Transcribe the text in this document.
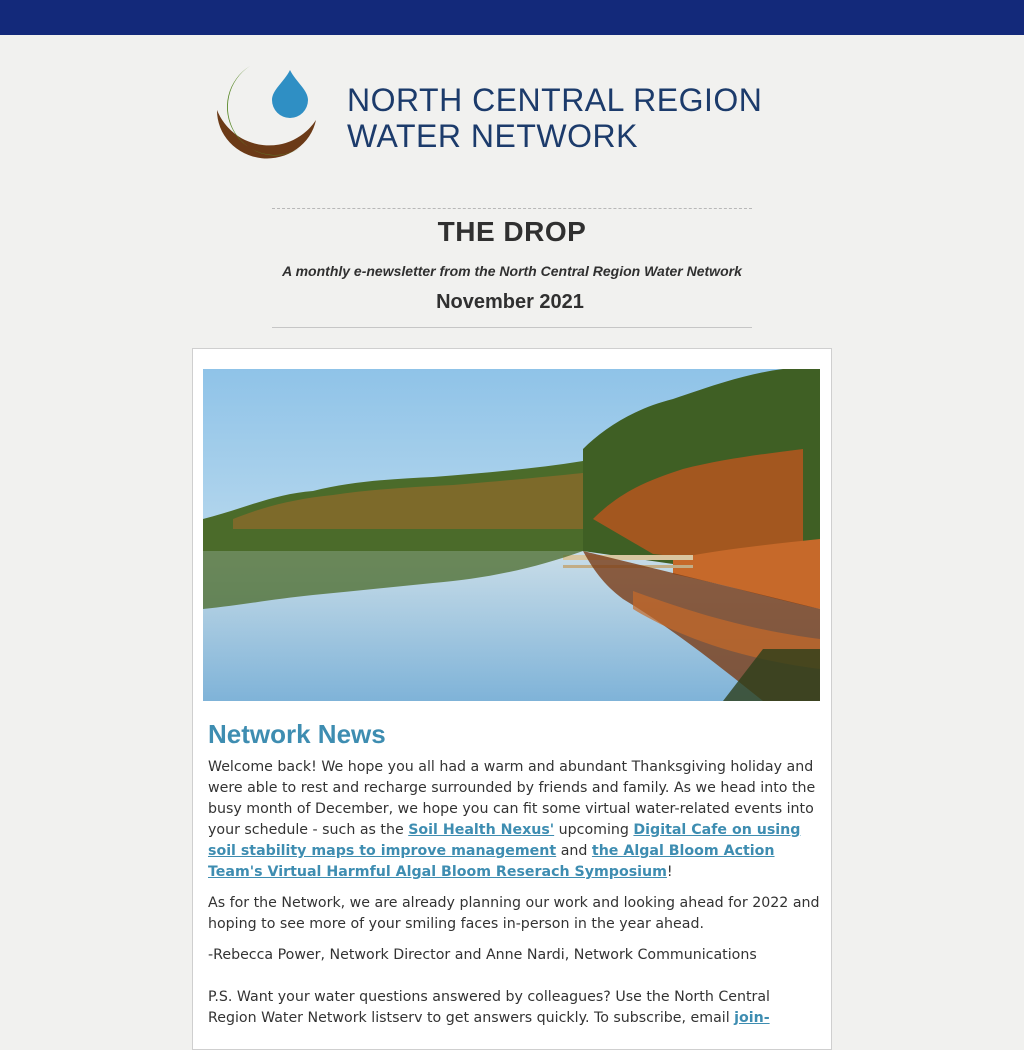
NORTH CENTRAL REGION
WATER NETWORK
THE DROP
A monthly e-newsletter from the North Central Region Water Network
November 2021
Network News

Welcome back! We hope you all had a warm and abundant Thanksgiving holiday and were able to rest and recharge surrounded by friends and family. As we head into the busy month of December, we hope you can fit some virtual water-related events into your schedule - such as the Soil Health Nexus' upcoming Digital Cafe on using soil stability maps to improve management and the Algal Bloom Action Team's Virtual Harmful Algal Bloom Reserach Symposium!

As for the Network, we are already planning our work and looking ahead for 2022 and hoping to see more of your smiling faces in-person in the year ahead.

-Rebecca Power, Network Director and Anne Nardi, Network Communications

P.S. Want your water questions answered by colleagues? Use the North Central Region Water Network listserv to get answers quickly. To subscribe, email join-
